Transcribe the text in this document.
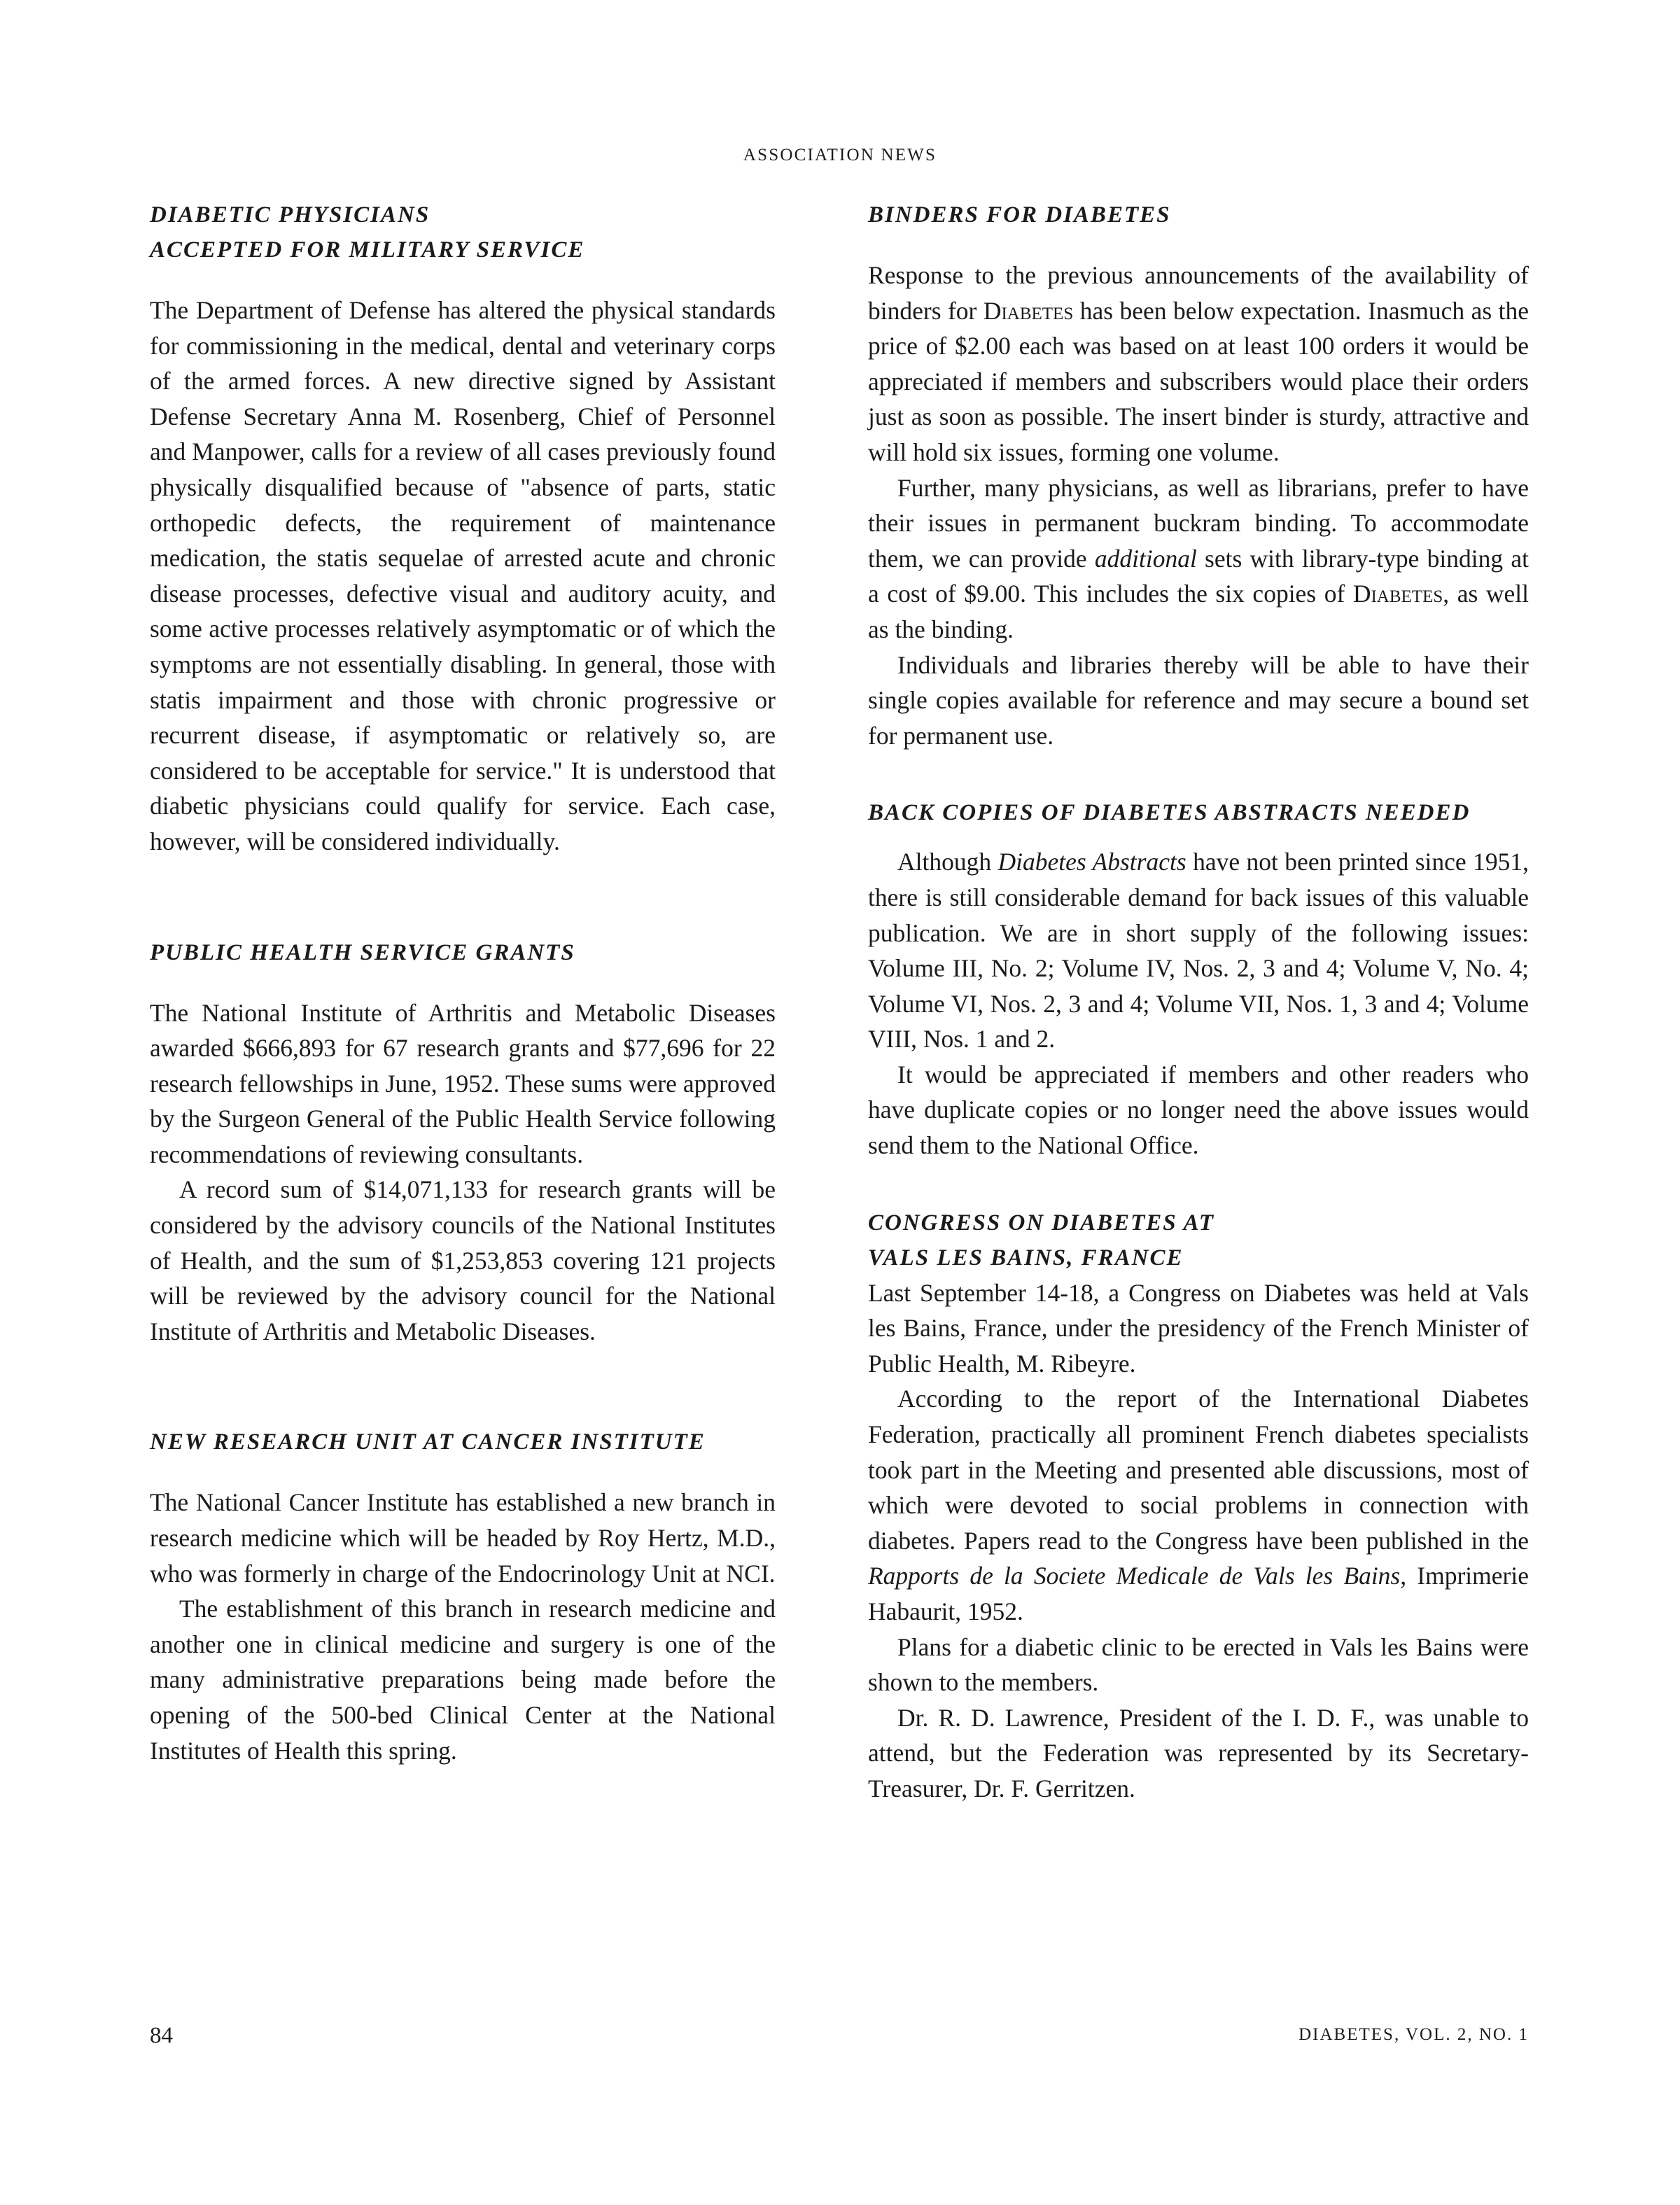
ASSOCIATION NEWS
DIABETIC PHYSICIANS
ACCEPTED FOR MILITARY SERVICE

The Department of Defense has altered the physical standards for commissioning in the medical, dental and veterinary corps of the armed forces. A new directive signed by Assistant Defense Secretary Anna M. Rosenberg, Chief of Personnel and Manpower, calls for a review of all cases previously found physically disqualified because of "absence of parts, static orthopedic defects, the requirement of maintenance medication, the statis sequelae of arrested acute and chronic disease processes, defective visual and auditory acuity, and some active processes relatively asymptomatic or of which the symptoms are not essentially disabling. In general, those with statis impairment and those with chronic progressive or recurrent disease, if asymptomatic or relatively so, are considered to be acceptable for service." It is understood that diabetic physicians could qualify for service. Each case, however, will be considered individually.

PUBLIC HEALTH SERVICE GRANTS

The National Institute of Arthritis and Metabolic Diseases awarded $666,893 for 67 research grants and $77,696 for 22 research fellowships in June, 1952. These sums were approved by the Surgeon General of the Public Health Service following recommendations of reviewing consultants.

A record sum of $14,071,133 for research grants will be considered by the advisory councils of the National Institutes of Health, and the sum of $1,253,853 covering 121 projects will be reviewed by the advisory council for the National Institute of Arthritis and Metabolic Diseases.

NEW RESEARCH UNIT AT CANCER INSTITUTE

The National Cancer Institute has established a new branch in research medicine which will be headed by Roy Hertz, M.D., who was formerly in charge of the Endocrinology Unit at NCI.

The establishment of this branch in research medicine and another one in clinical medicine and surgery is one of the many administrative preparations being made before the opening of the 500-bed Clinical Center at the National Institutes of Health this spring.

BINDERS FOR DIABETES

Response to the previous announcements of the availability of binders for Diabetes has been below expectation. Inasmuch as the price of $2.00 each was based on at least 100 orders it would be appreciated if members and subscribers would place their orders just as soon as possible. The insert binder is sturdy, attractive and will hold six issues, forming one volume.

Further, many physicians, as well as librarians, prefer to have their issues in permanent buckram binding. To accommodate them, we can provide additional sets with library-type binding at a cost of $9.00. This includes the six copies of Diabetes, as well as the binding.

Individuals and libraries thereby will be able to have their single copies available for reference and may secure a bound set for permanent use.

BACK COPIES OF DIABETES ABSTRACTS NEEDED

Although Diabetes Abstracts have not been printed since 1951, there is still considerable demand for back issues of this valuable publication. We are in short supply of the following issues: Volume III, No. 2; Volume IV, Nos. 2, 3 and 4; Volume V, No. 4; Volume VI, Nos. 2, 3 and 4; Volume VII, Nos. 1, 3 and 4; Volume VIII, Nos. 1 and 2.

It would be appreciated if members and other readers who have duplicate copies or no longer need the above issues would send them to the National Office.

CONGRESS ON DIABETES AT
VALS LES BAINS, FRANCE

Last September 14-18, a Congress on Diabetes was held at Vals les Bains, France, under the presidency of the French Minister of Public Health, M. Ribeyre.

According to the report of the International Diabetes Federation, practically all prominent French diabetes specialists took part in the Meeting and presented able discussions, most of which were devoted to social problems in connection with diabetes. Papers read to the Congress have been published in the Rapports de la Societe Medicale de Vals les Bains, Imprimerie Habaurit, 1952.

Plans for a diabetic clinic to be erected in Vals les Bains were shown to the members.

Dr. R. D. Lawrence, President of the I. D. F., was unable to attend, but the Federation was represented by its Secretary-Treasurer, Dr. F. Gerritzen.

84	DIABETES, VOL. 2, NO. 1
